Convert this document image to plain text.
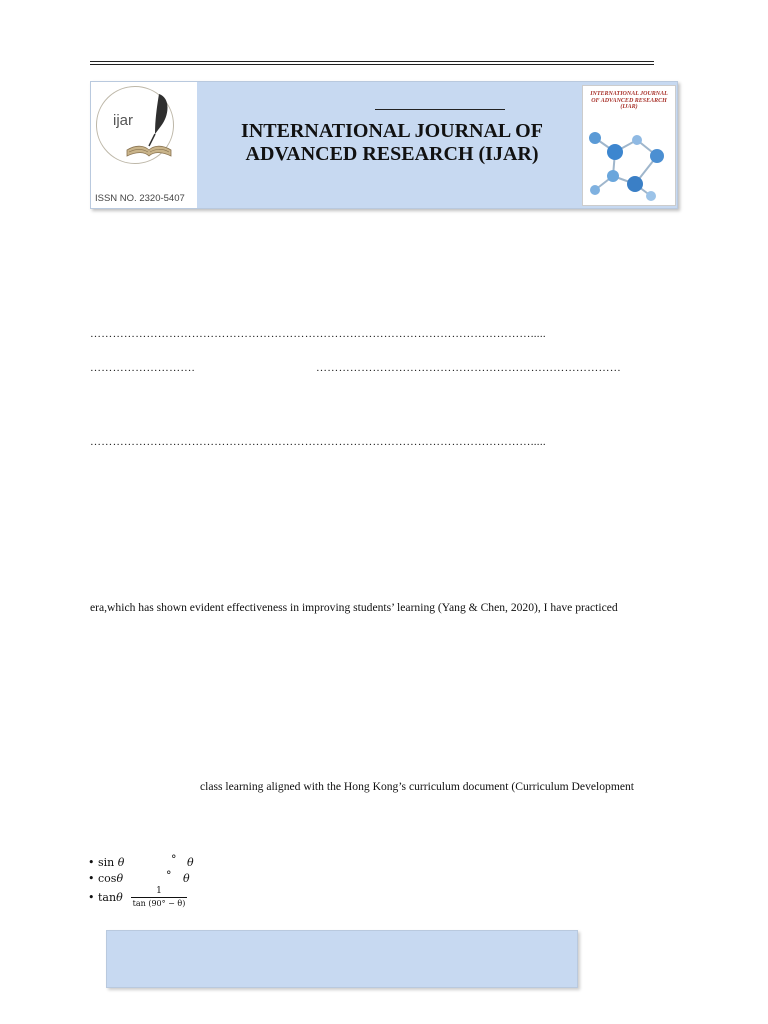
ijar
ISSN NO. 2320-5407
INTERNATIONAL JOURNAL OF
ADVANCED RESEARCH (IJAR)
INTERNATIONAL JOURNAL OF ADVANCED RESEARCH (IJAR)
……………………………………………………………………………………………………….....
……………………….	………………………………………………………………………
……………………………………………………………………………………………………….....
era,which has shown evident effectiveness in improving students’ learning (Yang & Chen, 2020), I have practiced
class learning aligned with the Hong Kong’s curriculum document (Curriculum Development
• sin θ	° θ
• cosθ	° θ
• tanθ	1
tan (90° − θ)
